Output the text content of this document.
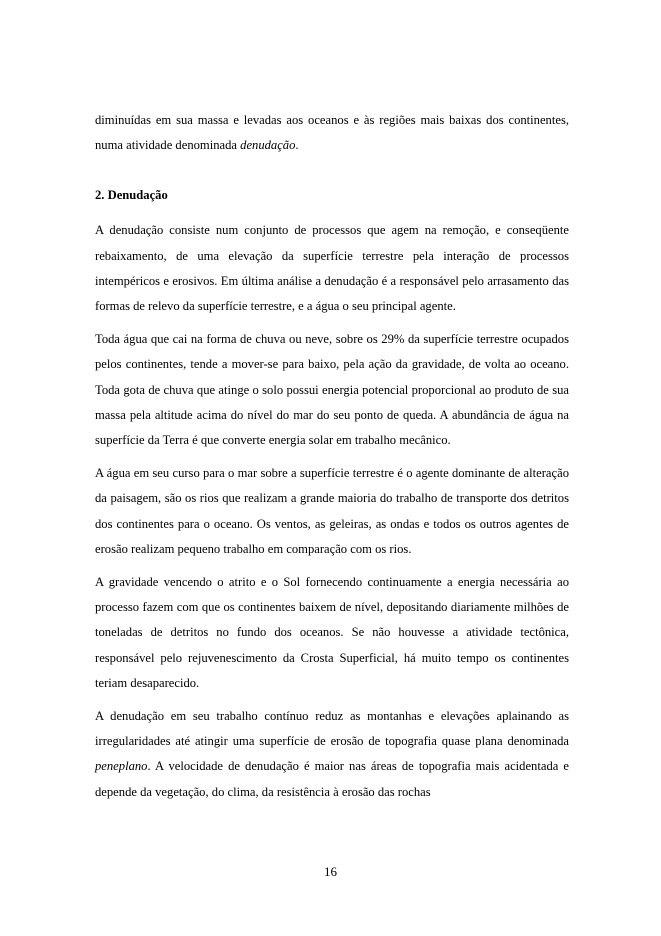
diminuídas em sua massa e levadas aos oceanos e às regiões mais baixas dos continentes, numa atividade denominada denudação.

2. Denudação

A denudação consiste num conjunto de processos que agem na remoção, e conseqüente rebaixamento, de uma elevação da superfície terrestre pela interação de processos intempéricos e erosivos. Em última análise a denudação é a responsável pelo arrasamento das formas de relevo da superfície terrestre, e a água o seu principal agente.

Toda água que cai na forma de chuva ou neve, sobre os 29% da superfície terrestre ocupados pelos continentes, tende a mover-se para baixo, pela ação da gravidade, de volta ao oceano. Toda gota de chuva que atinge o solo possui energia potencial proporcional ao produto de sua massa pela altitude acima do nível do mar do seu ponto de queda. A abundância de água na superfície da Terra é que converte energia solar em trabalho mecânico.

A água em seu curso para o mar sobre a superfície terrestre é o agente dominante de alteração da paisagem, são os rios que realizam a grande maioria do trabalho de transporte dos detritos dos continentes para o oceano. Os ventos, as geleiras, as ondas e todos os outros agentes de erosão realizam pequeno trabalho em comparação com os rios.

A gravidade vencendo o atrito e o Sol fornecendo continuamente a energia necessária ao processo fazem com que os continentes baixem de nível, depositando diariamente milhões de toneladas de detritos no fundo dos oceanos. Se não houvesse a atividade tectônica, responsável pelo rejuvenescimento da Crosta Superficial, há muito tempo os continentes teriam desaparecido.

A denudação em seu trabalho contínuo reduz as montanhas e elevações aplainando as irregularidades até atingir uma superfície de erosão de topografia quase plana denominada peneplano. A velocidade de denudação é maior nas áreas de topografia mais acidentada e depende da vegetação, do clima, da resistência à erosão das rochas

16
